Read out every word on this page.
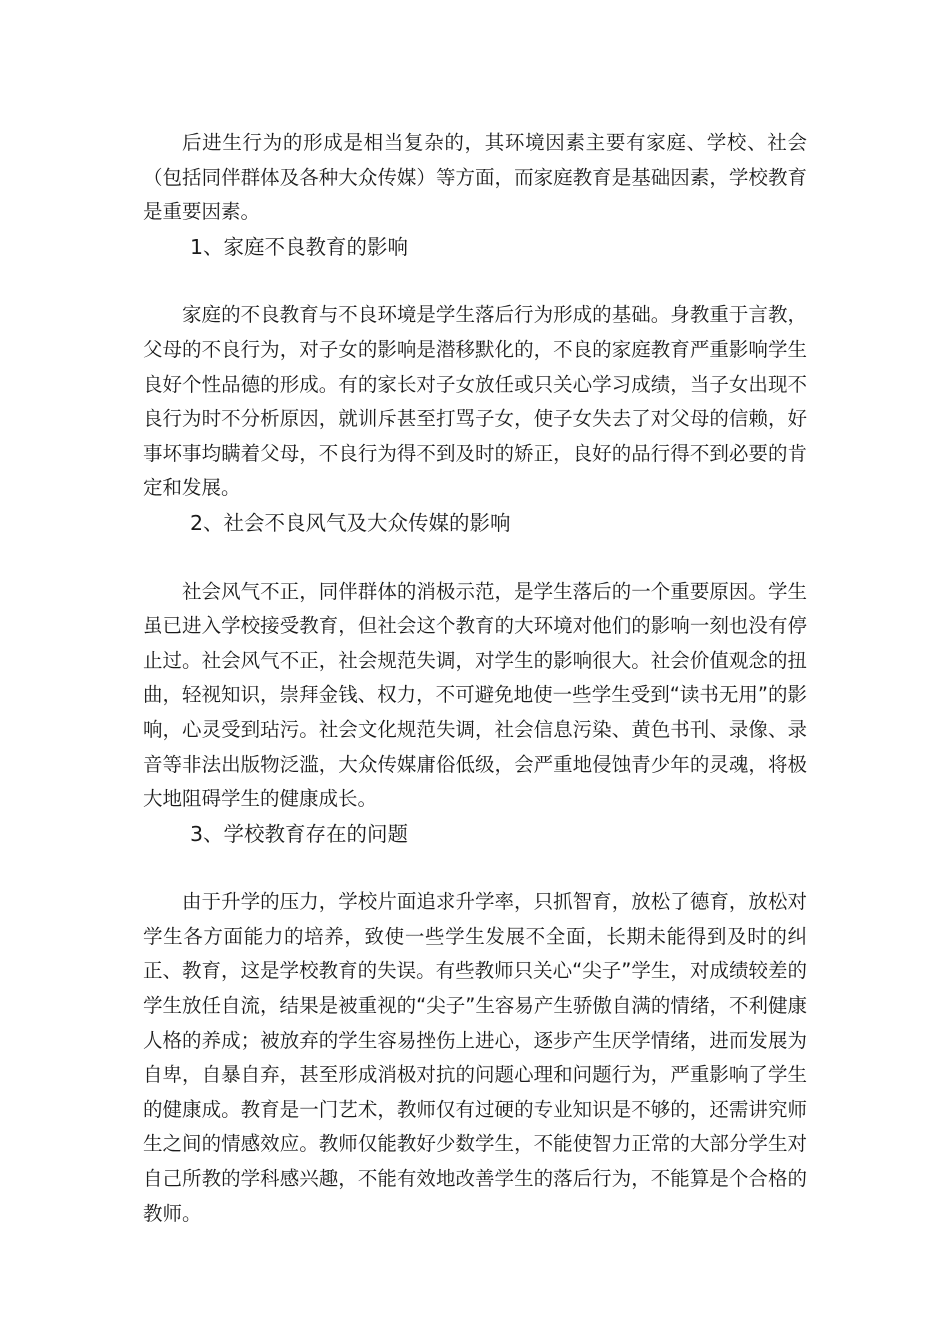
后进生行为的形成是相当复杂的，其环境因素主要有家庭、学校、社会（包括同伴群体及各种大众传媒）等方面，而家庭教育是基础因素，学校教育是重要因素。

1、家庭不良教育的影响

家庭的不良教育与不良环境是学生落后行为形成的基础。身教重于言教，父母的不良行为，对子女的影响是潜移默化的，不良的家庭教育严重影响学生良好个性品德的形成。有的家长对子女放任或只关心学习成绩，当子女出现不良行为时不分析原因，就训斥甚至打骂子女，使子女失去了对父母的信赖，好事坏事均瞒着父母，不良行为得不到及时的矫正，良好的品行得不到必要的肯定和发展。

2、社会不良风气及大众传媒的影响

社会风气不正，同伴群体的消极示范，是学生落后的一个重要原因。学生虽已进入学校接受教育，但社会这个教育的大环境对他们的影响一刻也没有停止过。社会风气不正，社会规范失调，对学生的影响很大。社会价值观念的扭曲，轻视知识，崇拜金钱、权力，不可避免地使一些学生受到“读书无用”的影响，心灵受到玷污。社会文化规范失调，社会信息污染、黄色书刊、录像、录音等非法出版物泛滥，大众传媒庸俗低级，会严重地侵蚀青少年的灵魂，将极大地阻碍学生的健康成长。

3、学校教育存在的问题

由于升学的压力，学校片面追求升学率，只抓智育，放松了德育，放松对学生各方面能力的培养，致使一些学生发展不全面，长期未能得到及时的纠正、教育，这是学校教育的失误。有些教师只关心“尖子”学生，对成绩较差的学生放任自流，结果是被重视的“尖子”生容易产生骄傲自满的情绪，不利健康人格的养成；被放弃的学生容易挫伤上进心，逐步产生厌学情绪，进而发展为自卑，自暴自弃，甚至形成消极对抗的问题心理和问题行为，严重影响了学生的健康成。教育是一门艺术，教师仅有过硬的专业知识是不够的，还需讲究师生之间的情感效应。教师仅能教好少数学生，不能使智力正常的大部分学生对自己所教的学科感兴趣，不能有效地改善学生的落后行为，不能算是个合格的教师。
